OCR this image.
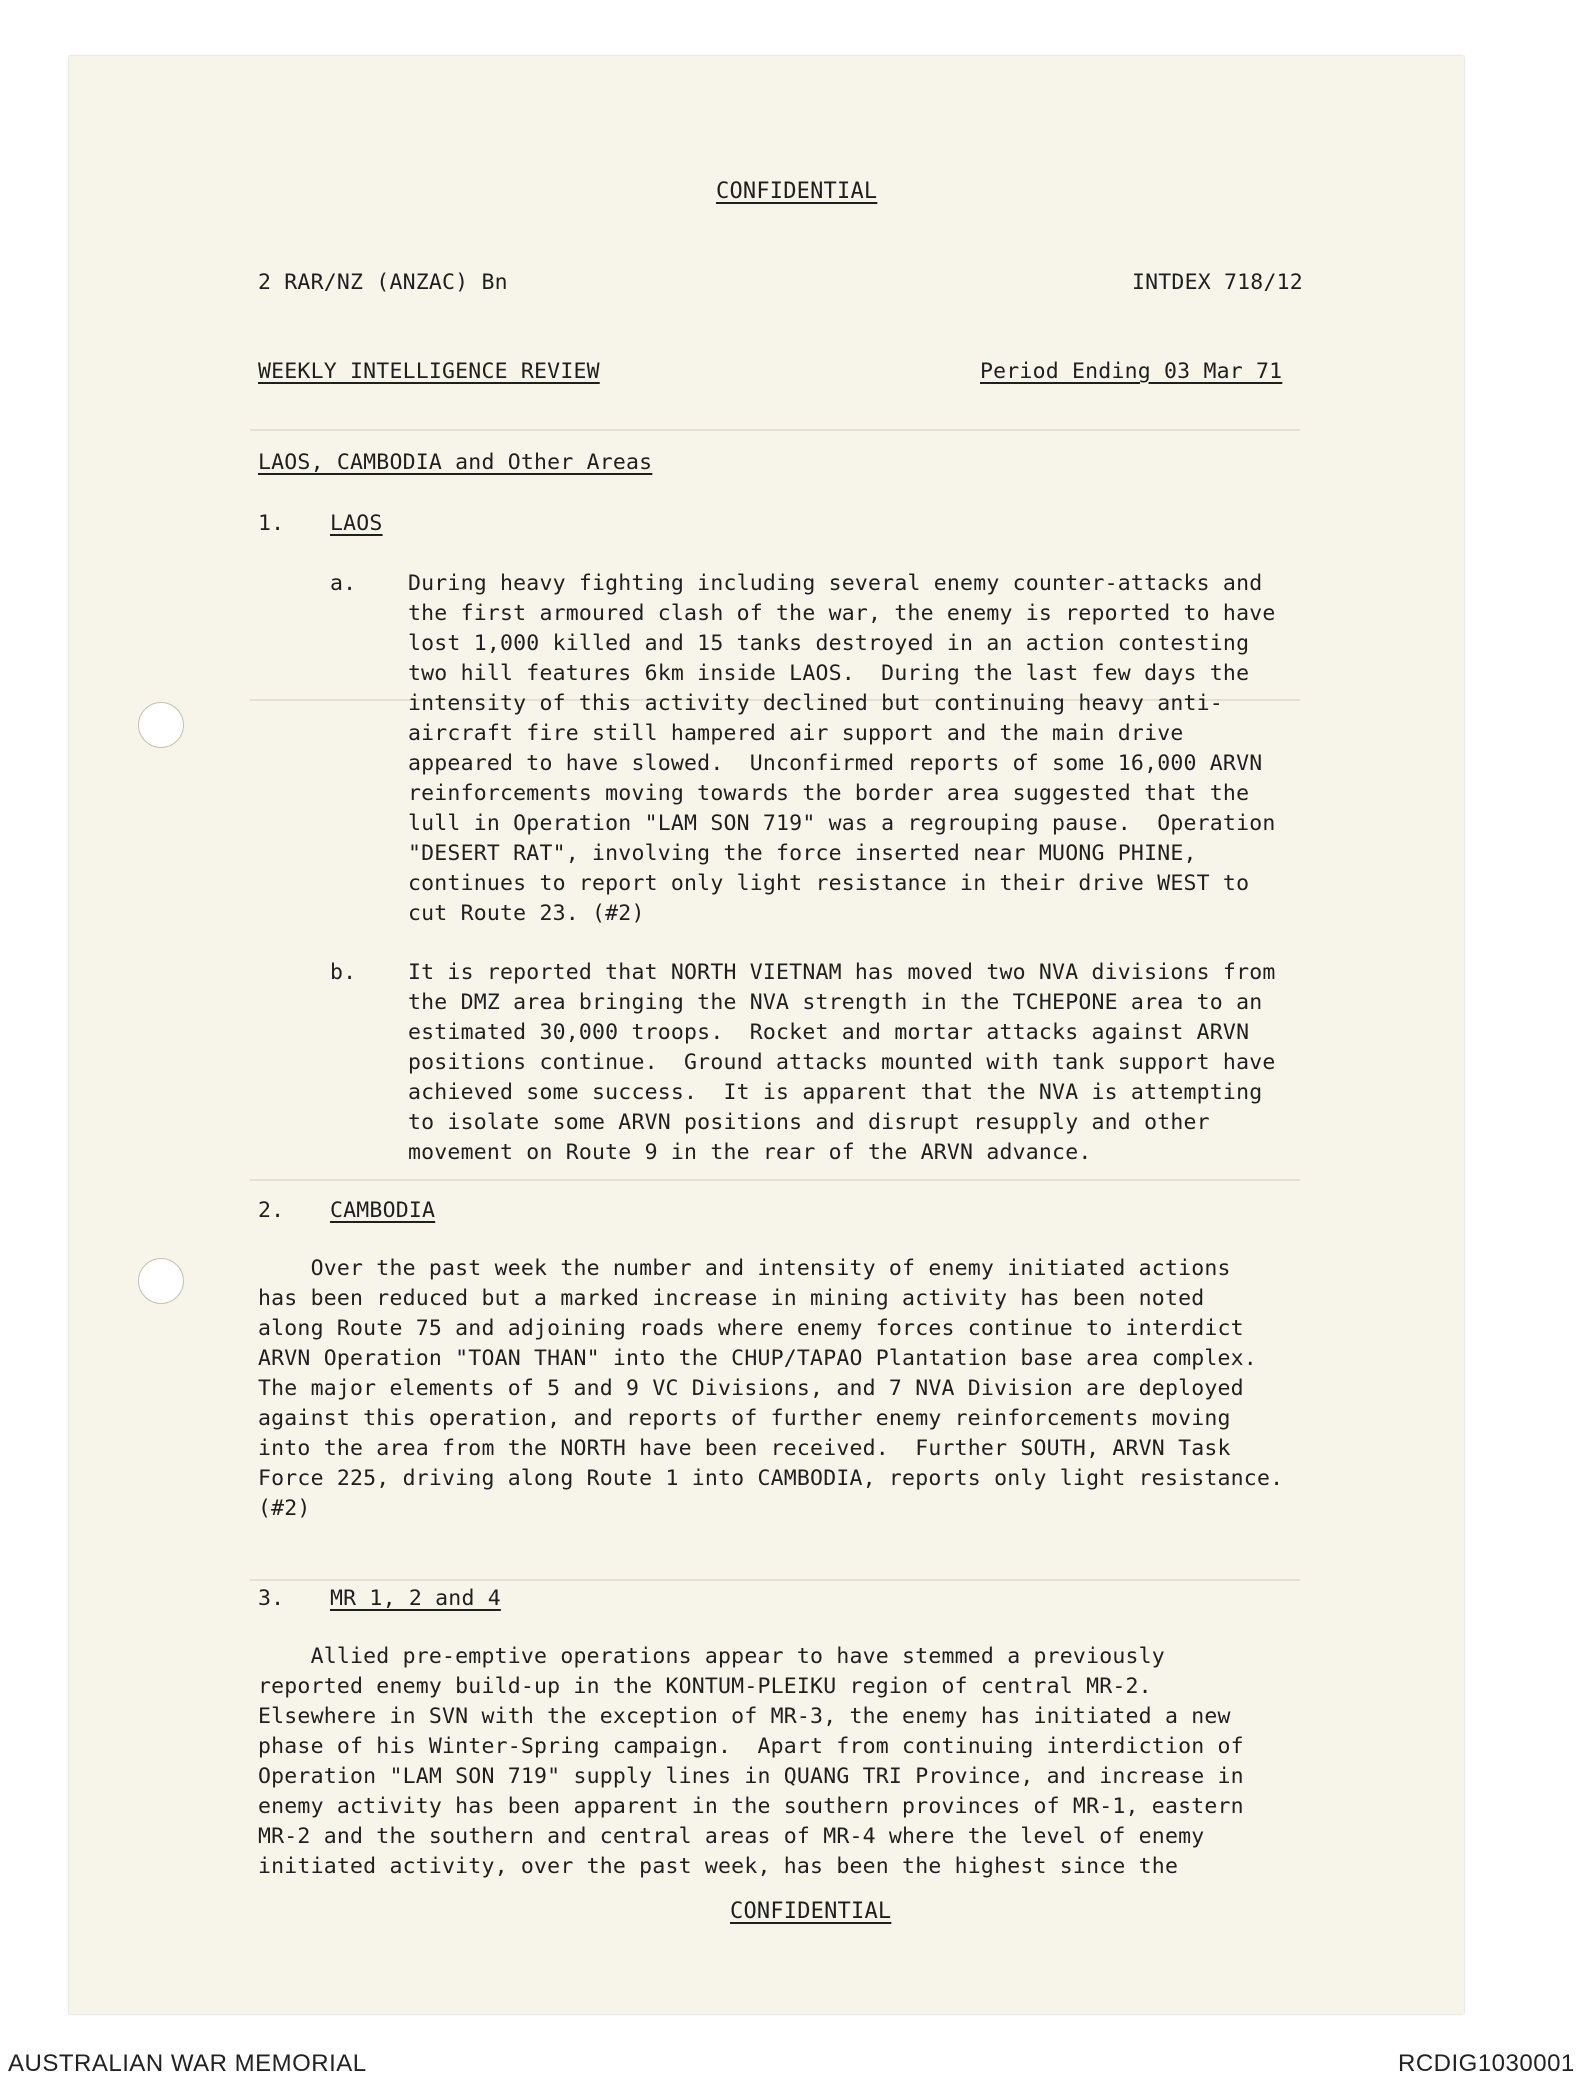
CONFIDENTIAL
2 RAR/NZ (ANZAC) Bn	INTDEX 718/12
WEEKLY INTELLIGENCE REVIEW	Period Ending 03 Mar 71
LAOS, CAMBODIA and Other Areas
1. LAOS
a. During heavy fighting including several enemy counter-attacks and
the first armoured clash of the war, the enemy is reported to have
lost 1,000 killed and 15 tanks destroyed in an action contesting
two hill features 6km inside LAOS.  During the last few days the
intensity of this activity declined but continuing heavy anti-
aircraft fire still hampered air support and the main drive
appeared to have slowed.  Unconfirmed reports of some 16,000 ARVN
reinforcements moving towards the border area suggested that the
lull in Operation "LAM SON 719" was a regrouping pause.  Operation
"DESERT RAT", involving the force inserted near MUONG PHINE,
continues to report only light resistance in their drive WEST to
cut Route 23. (#2)
b. It is reported that NORTH VIETNAM has moved two NVA divisions from
the DMZ area bringing the NVA strength in the TCHEPONE area to an
estimated 30,000 troops.  Rocket and mortar attacks against ARVN
positions continue.  Ground attacks mounted with tank support have
achieved some success.  It is apparent that the NVA is attempting
to isolate some ARVN positions and disrupt resupply and other
movement on Route 9 in the rear of the ARVN advance.
2. CAMBODIA
Over the past week the number and intensity of enemy initiated actions
has been reduced but a marked increase in mining activity has been noted
along Route 75 and adjoining roads where enemy forces continue to interdict
ARVN Operation "TOAN THAN" into the CHUP/TAPAO Plantation base area complex.
The major elements of 5 and 9 VC Divisions, and 7 NVA Division are deployed
against this operation, and reports of further enemy reinforcements moving
into the area from the NORTH have been received.  Further SOUTH, ARVN Task
Force 225, driving along Route 1 into CAMBODIA, reports only light resistance.
(#2)
3. MR 1, 2 and 4
Allied pre-emptive operations appear to have stemmed a previously
reported enemy build-up in the KONTUM-PLEIKU region of central MR-2.
Elsewhere in SVN with the exception of MR-3, the enemy has initiated a new
phase of his Winter-Spring campaign.  Apart from continuing interdiction of
Operation "LAM SON 719" supply lines in QUANG TRI Province, and increase in
enemy activity has been apparent in the southern provinces of MR-1, eastern
MR-2 and the southern and central areas of MR-4 where the level of enemy
initiated activity, over the past week, has been the highest since the
CONFIDENTIAL
AUSTRALIAN WAR MEMORIAL	RCDIG1030001
